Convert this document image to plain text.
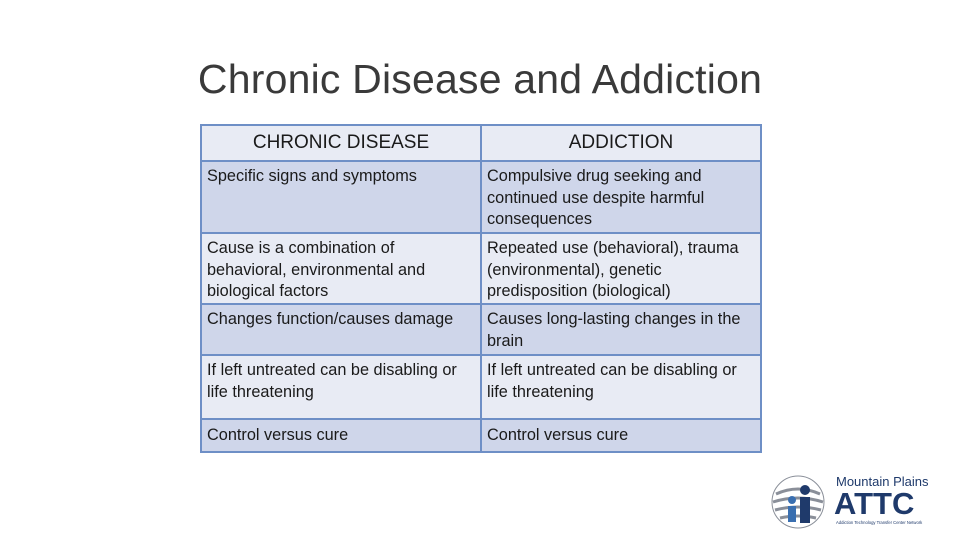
Chronic Disease and Addiction
CHRONIC DISEASE	ADDICTION
Specific signs and symptoms	Compulsive drug seeking and continued use despite harmful consequences
Cause is a combination of behavioral, environmental and biological factors	Repeated use (behavioral), trauma (environmental), genetic predisposition (biological)
Changes function/causes damage	Causes long-lasting changes in the brain
If left untreated can be disabling or life threatening	If left untreated can be disabling or life threatening
Control versus cure	Control versus cure
Mountain Plains
ATTC
Addiction Technology Transfer Center Network
